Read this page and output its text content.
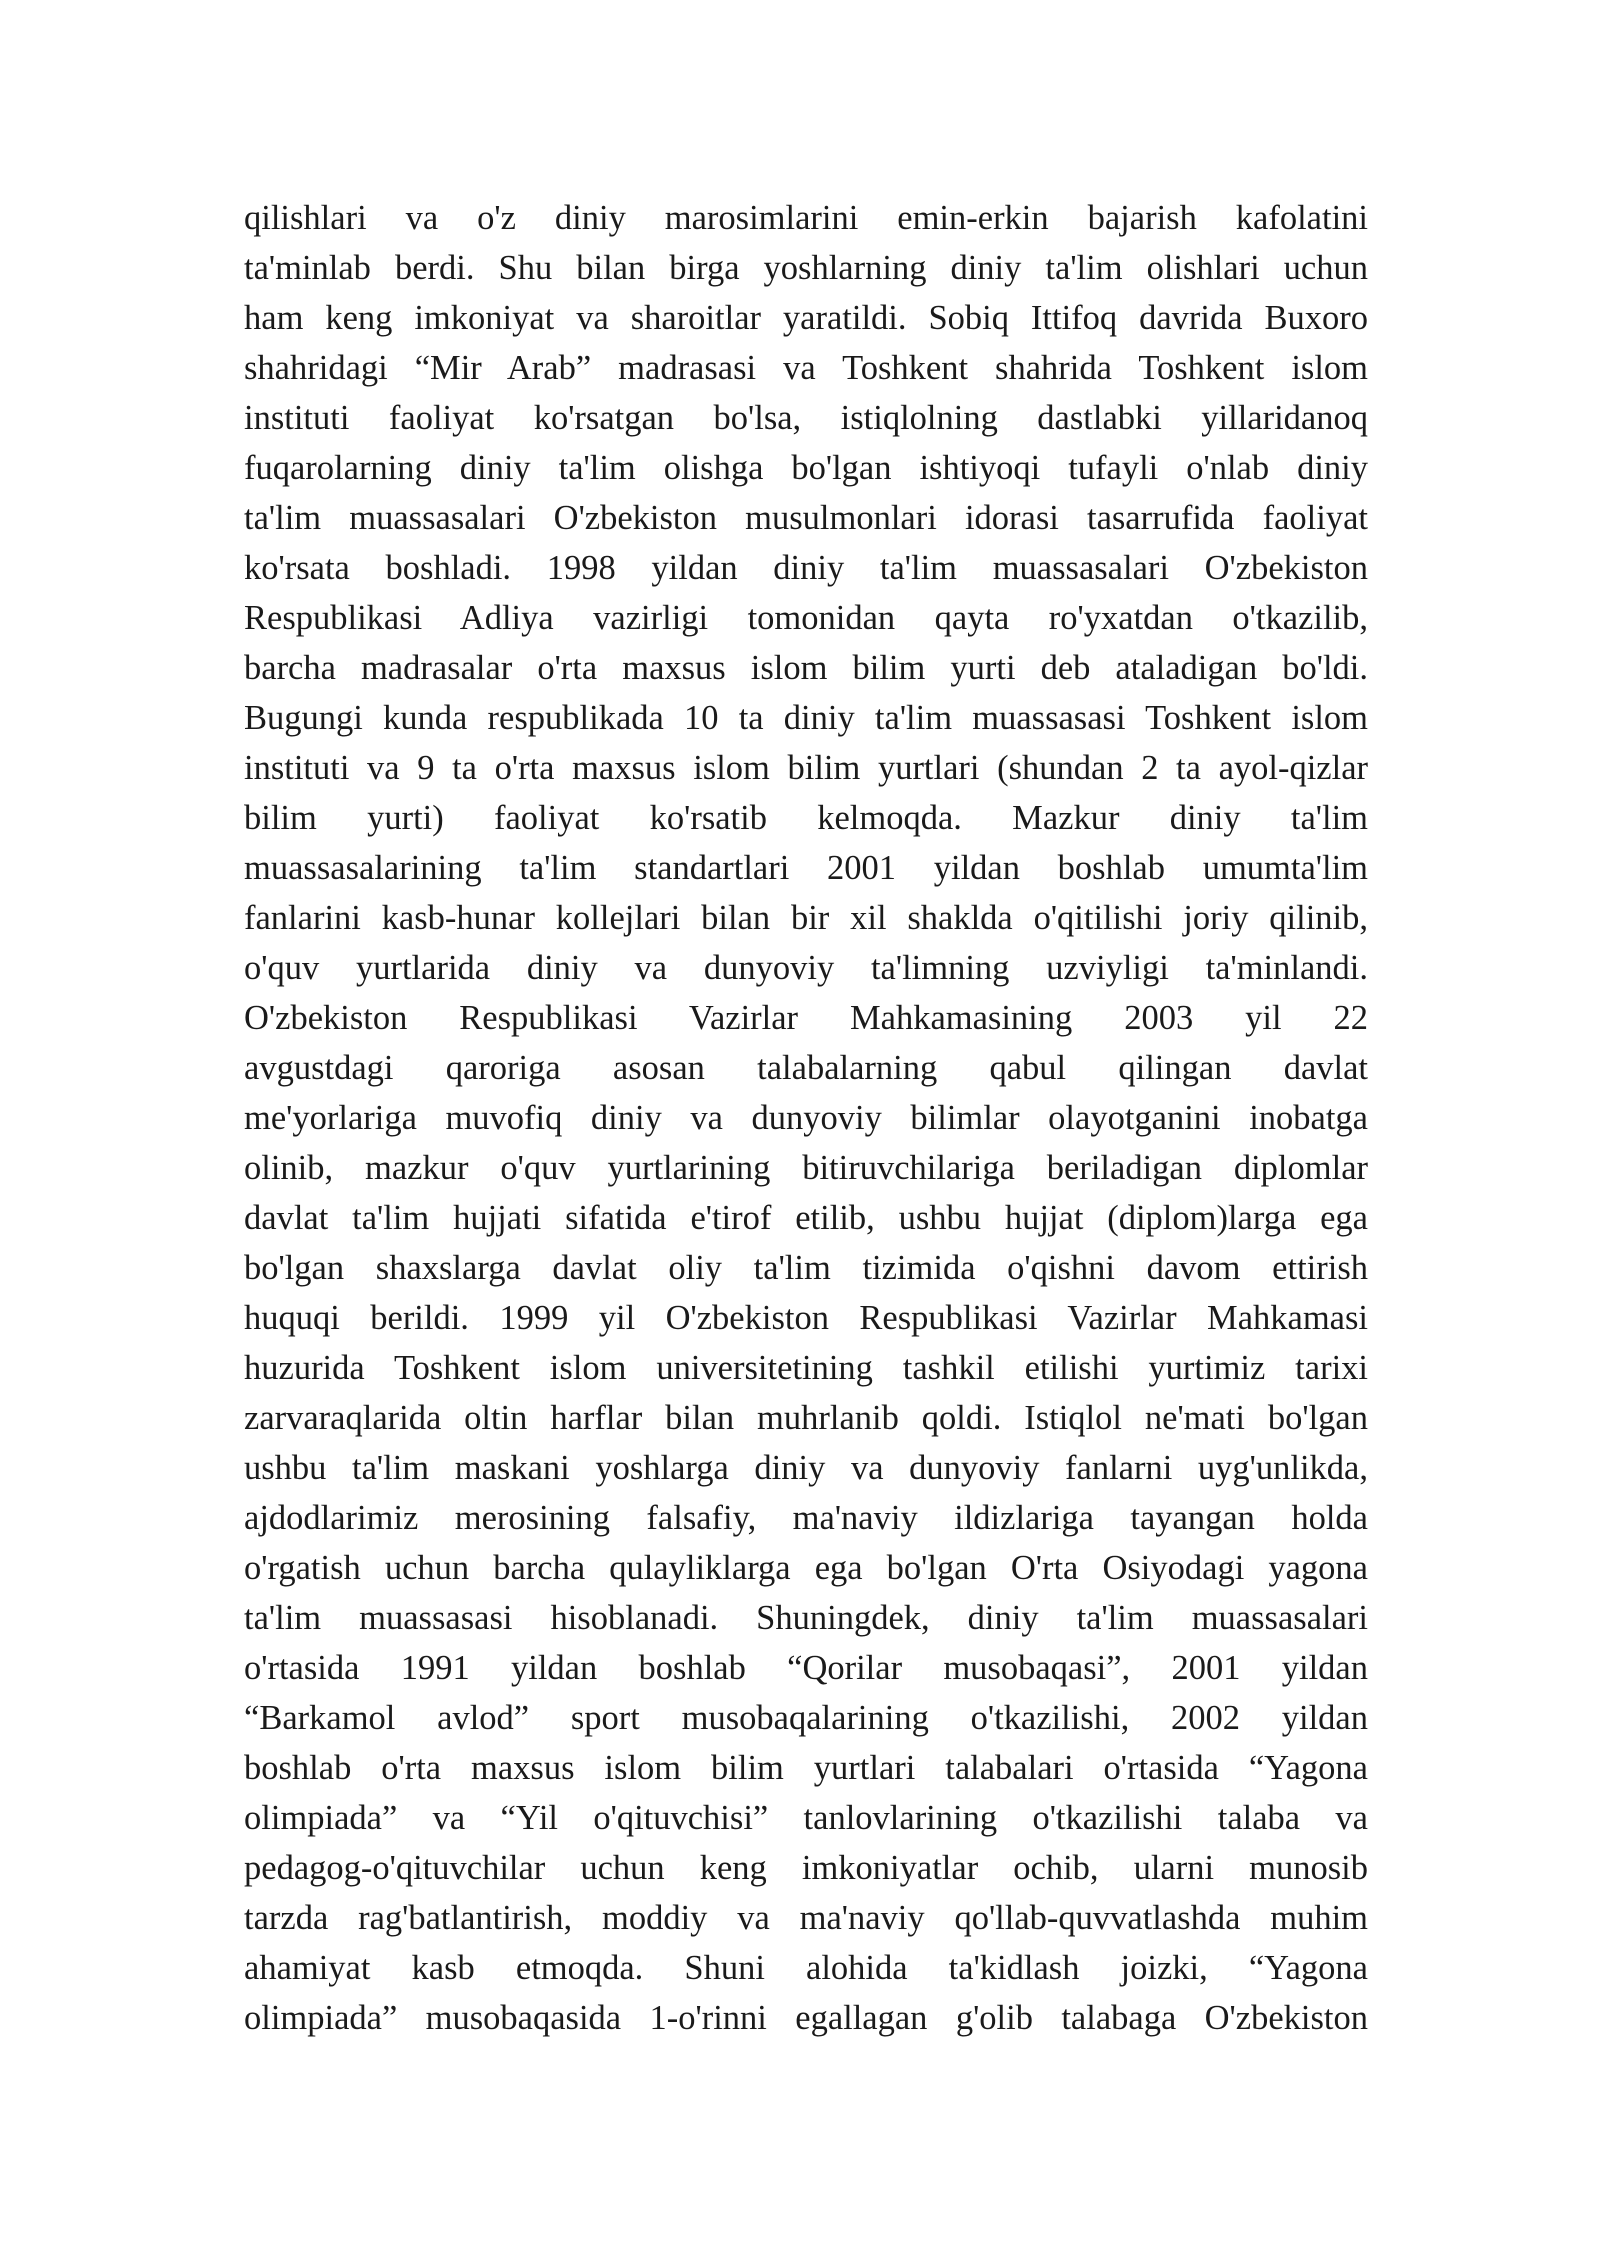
qilishlari va o'z diniy marosimlarini emin-erkin bajarish kafolatini
ta'minlab berdi. Shu bilan birga yoshlarning diniy ta'lim olishlari uchun
ham keng imkoniyat va sharoitlar yaratildi. Sobiq Ittifoq davrida Buxoro
shahridagi “Mir Arab” madrasasi va Toshkent shahrida Toshkent islom
instituti faoliyat ko'rsatgan bo'lsa, istiqlolning dastlabki yillaridanoq
fuqarolarning diniy ta'lim olishga bo'lgan ishtiyoqi tufayli o'nlab diniy
ta'lim muassasalari O'zbekiston musulmonlari idorasi tasarrufida faoliyat
ko'rsata boshladi. 1998 yildan diniy ta'lim muassasalari O'zbekiston
Respublikasi Adliya vazirligi tomonidan qayta ro'yxatdan o'tkazilib,
barcha madrasalar o'rta maxsus islom bilim yurti deb ataladigan bo'ldi.
Bugungi kunda respublikada 10 ta diniy ta'lim muassasasi Toshkent islom
instituti va 9 ta o'rta maxsus islom bilim yurtlari (shundan 2 ta ayol-qizlar
bilim yurti) faoliyat ko'rsatib kelmoqda. Mazkur diniy ta'lim
muassasalarining ta'lim standartlari 2001 yildan boshlab umumta'lim
fanlarini kasb-hunar kollejlari bilan bir xil shaklda o'qitilishi joriy qilinib,
o'quv yurtlarida diniy va dunyoviy ta'limning uzviyligi ta'minlandi.
O'zbekiston Respublikasi Vazirlar Mahkamasining 2003 yil 22
avgustdagi qaroriga asosan talabalarning qabul qilingan davlat
me'yorlariga muvofiq diniy va dunyoviy bilimlar olayotganini inobatga
olinib, mazkur o'quv yurtlarining bitiruvchilariga beriladigan diplomlar
davlat ta'lim hujjati sifatida e'tirof etilib, ushbu hujjat (diplom)larga ega
bo'lgan shaxslarga davlat oliy ta'lim tizimida o'qishni davom ettirish
huquqi berildi. 1999 yil O'zbekiston Respublikasi Vazirlar Mahkamasi
huzurida Toshkent islom universitetining tashkil etilishi yurtimiz tarixi
zarvaraqlarida oltin harflar bilan muhrlanib qoldi. Istiqlol ne'mati bo'lgan
ushbu ta'lim maskani yoshlarga diniy va dunyoviy fanlarni uyg'unlikda,
ajdodlarimiz merosining falsafiy, ma'naviy ildizlariga tayangan holda
o'rgatish uchun barcha qulayliklarga ega bo'lgan O'rta Osiyodagi yagona
ta'lim muassasasi hisoblanadi. Shuningdek, diniy ta'lim muassasalari
o'rtasida 1991 yildan boshlab “Qorilar musobaqasi”, 2001 yildan
“Barkamol avlod” sport musobaqalarining o'tkazilishi, 2002 yildan
boshlab o'rta maxsus islom bilim yurtlari talabalari o'rtasida “Yagona
olimpiada” va “Yil o'qituvchisi” tanlovlarining o'tkazilishi talaba va
pedagog-o'qituvchilar uchun keng imkoniyatlar ochib, ularni munosib
tarzda rag'batlantirish, moddiy va ma'naviy qo'llab-quvvatlashda muhim
ahamiyat kasb etmoqda. Shuni alohida ta'kidlash joizki, “Yagona
olimpiada” musobaqasida 1-o'rinni egallagan g'olib talabaga O'zbekiston
